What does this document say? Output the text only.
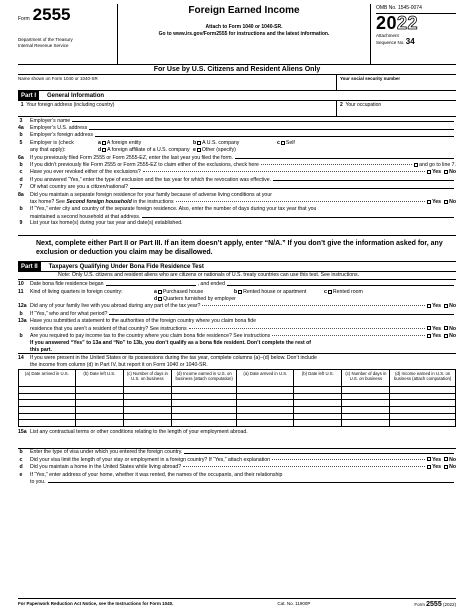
Form 2555
Department of the Treasury
Internal Revenue Service
Foreign Earned Income
Attach to Form 1040 or 1040-SR.
Go to www.irs.gov/Form2555 for instructions and the latest information.
OMB No. 1545-0074
2022
Attachment
Sequence No. 34
For Use by U.S. Citizens and Resident Aliens Only
Name shown on Form 1040 or 1040-SR	Your social security number
Part I	General Information
1 Your foreign address (including country)	2 Your occupation
3	Employer’s name
4a	Employer’s U.S. address
b	Employer’s foreign address
5	Employer is (check	a A foreign entity	b A U.S. company	c Self
any that apply):	d A foreign affiliate of a U.S. company e Other (specify)
6a	If you previously filed Form 2555 or Form 2555-EZ, enter the last year you filed the form.
b	If you didn’t previously file Form 2555 or Form 2555-EZ to claim either of the exclusions, check here	and go to line 7.
c	Have you ever revoked either of the exclusions?	Yes	No
d	If you answered “Yes,” enter the type of exclusion and the tax year for which the revocation was effective.
7	Of what country are you a citizen/national?
8a	Did you maintain a separate foreign residence for your family because of adverse living conditions at your
tax home? See Second foreign household in the instructions	Yes	No
b	If “Yes,” enter city and country of the separate foreign residence. Also, enter the number of days during your tax year that you
maintained a second household at that address.
9	List your tax home(s) during your tax year and date(s) established.
Next, complete either Part II or Part III. If an item doesn’t apply, enter “N/A.” If you don’t give the information asked for, any exclusion or deduction you claim may be disallowed.
Part II	Taxpayers Qualifying Under Bona Fide Residence Test
Note: Only U.S. citizens and resident aliens who are citizens or nationals of U.S. treaty countries can use this test. See instructions.
10	Date bona fide residence began	, and ended
11	Kind of living quarters in foreign country:	a Purchased house	b Rented house or apartment	c Rented room
d Quarters furnished by employer
12a Did any of your family live with you abroad during any part of the tax year?	Yes	No
b	If “Yes,” who and for what period?
13a Have you submitted a statement to the authorities of the foreign country where you claim bona fide
residence that you aren’t a resident of that country? See instructions	Yes	No
b	Are you required to pay income tax to the country where you claim bona fide residence? See instructions	Yes	No
If you answered “Yes” to 13a and “No” to 13b, you don’t qualify as a bona fide resident. Don’t complete the rest of
this part.
14	If you were present in the United States or its possessions during the tax year, complete columns (a)–(d) below. Don’t include
the income from column (d) in Part IV, but report it on Form 1040 or 1040-SR.
(a) Date arrived in U.S.	(b) Date left U.S.	(c) Number of days in U.S. on business	(d) Income earned in U.S. on business (attach computation)	(a) Date arrived in U.S.	(b) Date left U.S.	(c) Number of days in U.S. on business	(d) Income earned in U.S. on business (attach computation)

15a List any contractual terms or other conditions relating to the length of your employment abroad.
b	Enter the type of visa under which you entered the foreign country.
c	Did your visa limit the length of your stay or employment in a foreign country? If “Yes,” attach explanation	Yes	No
d	Did you maintain a home in the United States while living abroad?	Yes	No
e	If “Yes,” enter address of your home, whether it was rented, the names of the occupants, and their relationship
to you.
For Paperwork Reduction Act Notice, see the Instructions for Form 1040.	Cat. No. 11900P	Form 2555 (2022)
